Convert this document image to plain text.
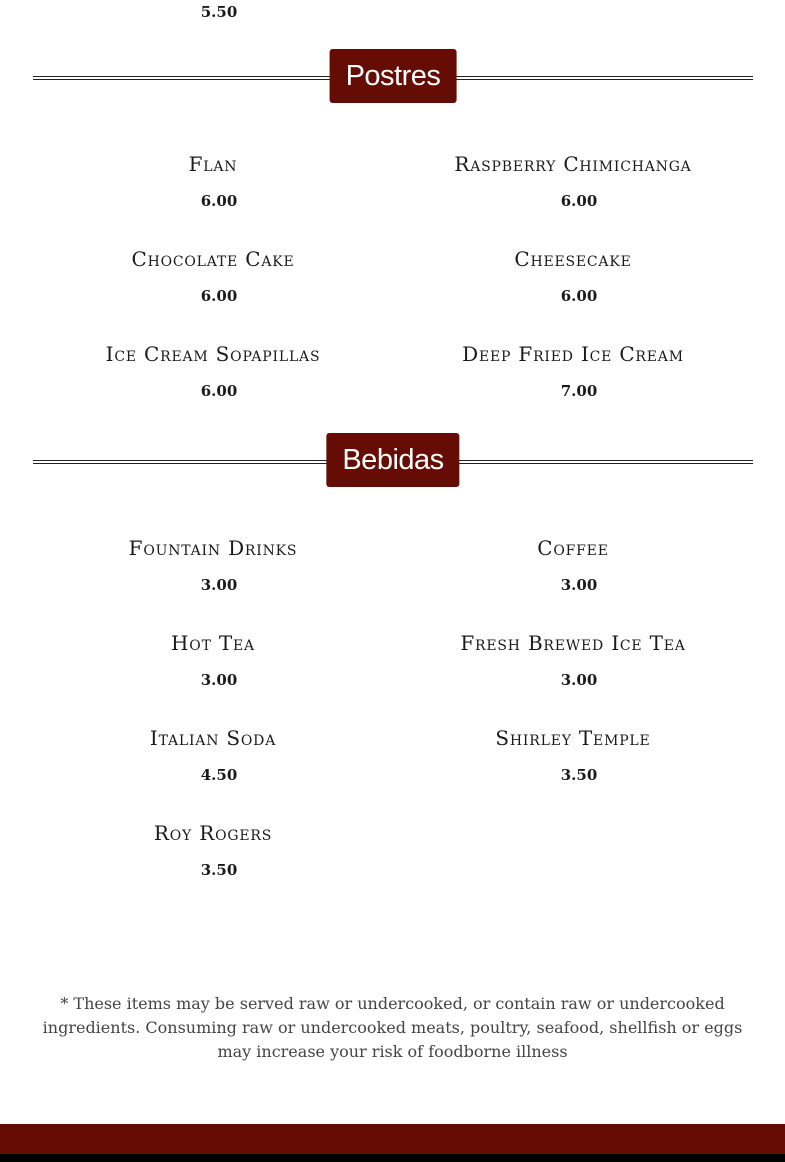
5.50
Postres
Flan
6.00
Raspberry Chimichanga
6.00
Chocolate Cake
6.00
Cheesecake
6.00
Ice Cream Sopapillas
6.00
Deep Fried Ice Cream
7.00
Bebidas
Fountain Drinks
3.00
Coffee
3.00
Hot Tea
3.00
Fresh Brewed Ice Tea
3.00
Italian Soda
4.50
Shirley Temple
3.50
Roy Rogers
3.50
* These items may be served raw or undercooked, or contain raw or undercooked ingredients. Consuming raw or undercooked meats, poultry, seafood, shellfish or eggs may increase your risk of foodborne illness
